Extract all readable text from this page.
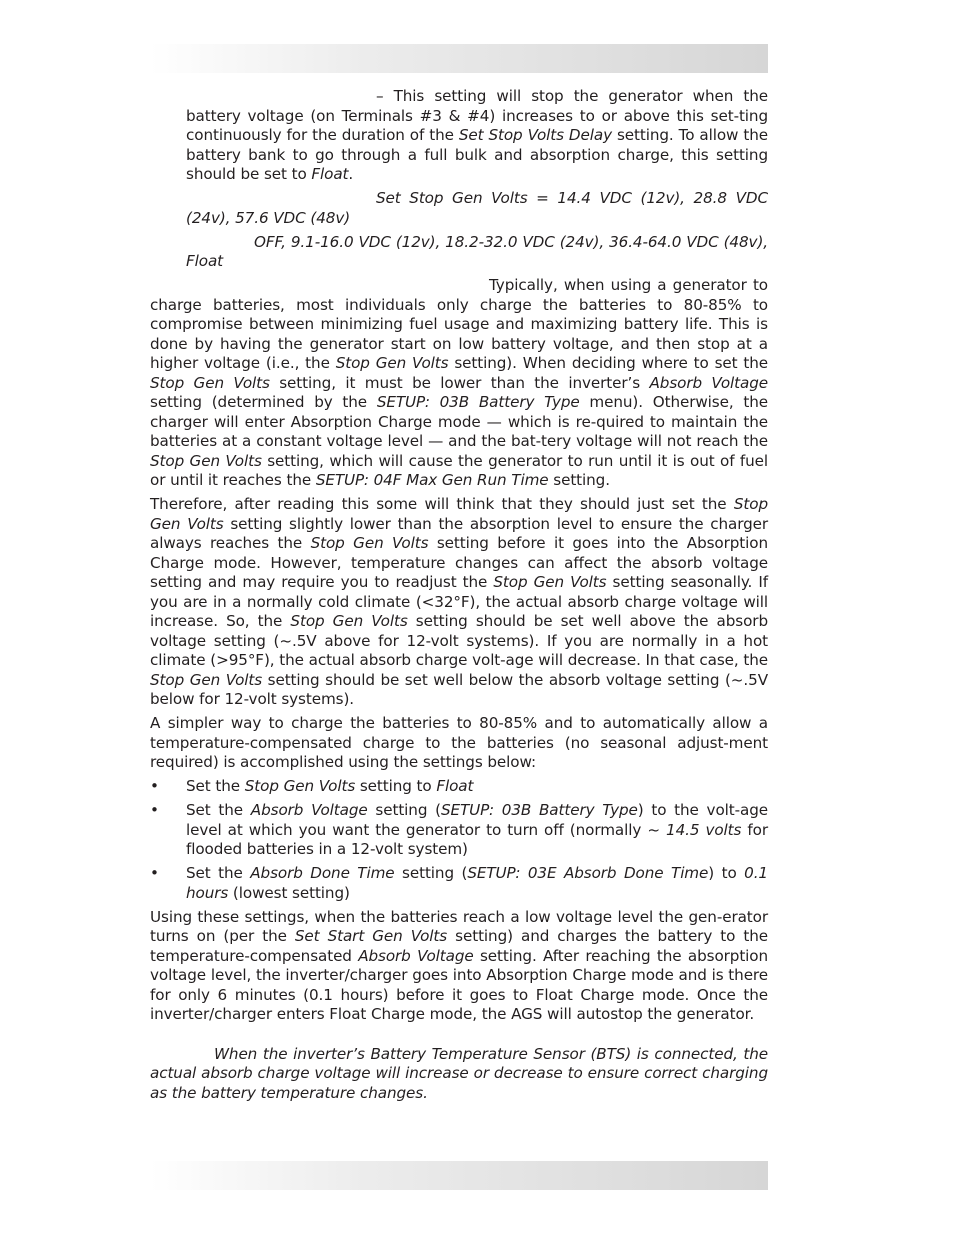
– This setting will stop the generator when the battery voltage (on Terminals #3 & #4) increases to or above this set-ting continuously for the duration of the Set Stop Volts Delay setting. To allow the battery bank to go through a full bulk and absorption charge, this setting should be set to Float.

Set Stop Gen Volts = 14.4 VDC (12v), 28.8 VDC (24v), 57.6 VDC (48v)

OFF, 9.1-16.0 VDC (12v), 18.2-32.0 VDC (24v), 36.4-64.0 VDC (48v), Float

Typically, when using a generator to charge batteries, most individuals only charge the batteries to 80-85% to compromise between minimizing fuel usage and maximizing battery life. This is done by having the generator start on low battery voltage, and then stop at a higher voltage (i.e., the Stop Gen Volts setting). When deciding where to set the Stop Gen Volts setting, it must be lower than the inverter’s Absorb Voltage setting (determined by the SETUP: 03B Battery Type menu). Otherwise, the charger will enter Absorption Charge mode — which is re-quired to maintain the batteries at a constant voltage level — and the bat-tery voltage will not reach the Stop Gen Volts setting, which will cause the generator to run until it is out of fuel or until it reaches the SETUP: 04F Max Gen Run Time setting.

Therefore, after reading this some will think that they should just set the Stop Gen Volts setting slightly lower than the absorption level to ensure the charger always reaches the Stop Gen Volts setting before it goes into the Absorption Charge mode. However, temperature changes can affect the absorb voltage setting and may require you to readjust the Stop Gen Volts setting seasonally. If you are in a normally cold climate (<32°F), the actual absorb charge voltage will increase. So, the Stop Gen Volts setting should be set well above the absorb voltage setting (~.5V above for 12-volt systems). If you are normally in a hot climate (>95°F), the actual absorb charge volt-age will decrease. In that case, the Stop Gen Volts setting should be set well below the absorb voltage setting (~.5V below for 12-volt systems).

A simpler way to charge the batteries to 80-85% and to automatically allow a temperature-compensated charge to the batteries (no seasonal adjust-ment required) is accomplished using the settings below:

• Set the Stop Gen Volts setting to Float
• Set the Absorb Voltage setting (SETUP: 03B Battery Type) to the volt-age level at which you want the generator to turn off (normally ~ 14.5 volts for flooded batteries in a 12-volt system)
• Set the Absorb Done Time setting (SETUP: 03E Absorb Done Time) to 0.1 hours (lowest setting)

Using these settings, when the batteries reach a low voltage level the gen-erator turns on (per the Set Start Gen Volts setting) and charges the battery to the temperature-compensated Absorb Voltage setting. After reaching the absorption voltage level, the inverter/charger goes into Absorption Charge mode and is there for only 6 minutes (0.1 hours) before it goes to Float Charge mode. Once the inverter/charger enters Float Charge mode, the AGS will autostop the generator.

When the inverter’s Battery Temperature Sensor (BTS) is connected, the actual absorb charge voltage will increase or decrease to ensure correct charging as the battery temperature changes.
